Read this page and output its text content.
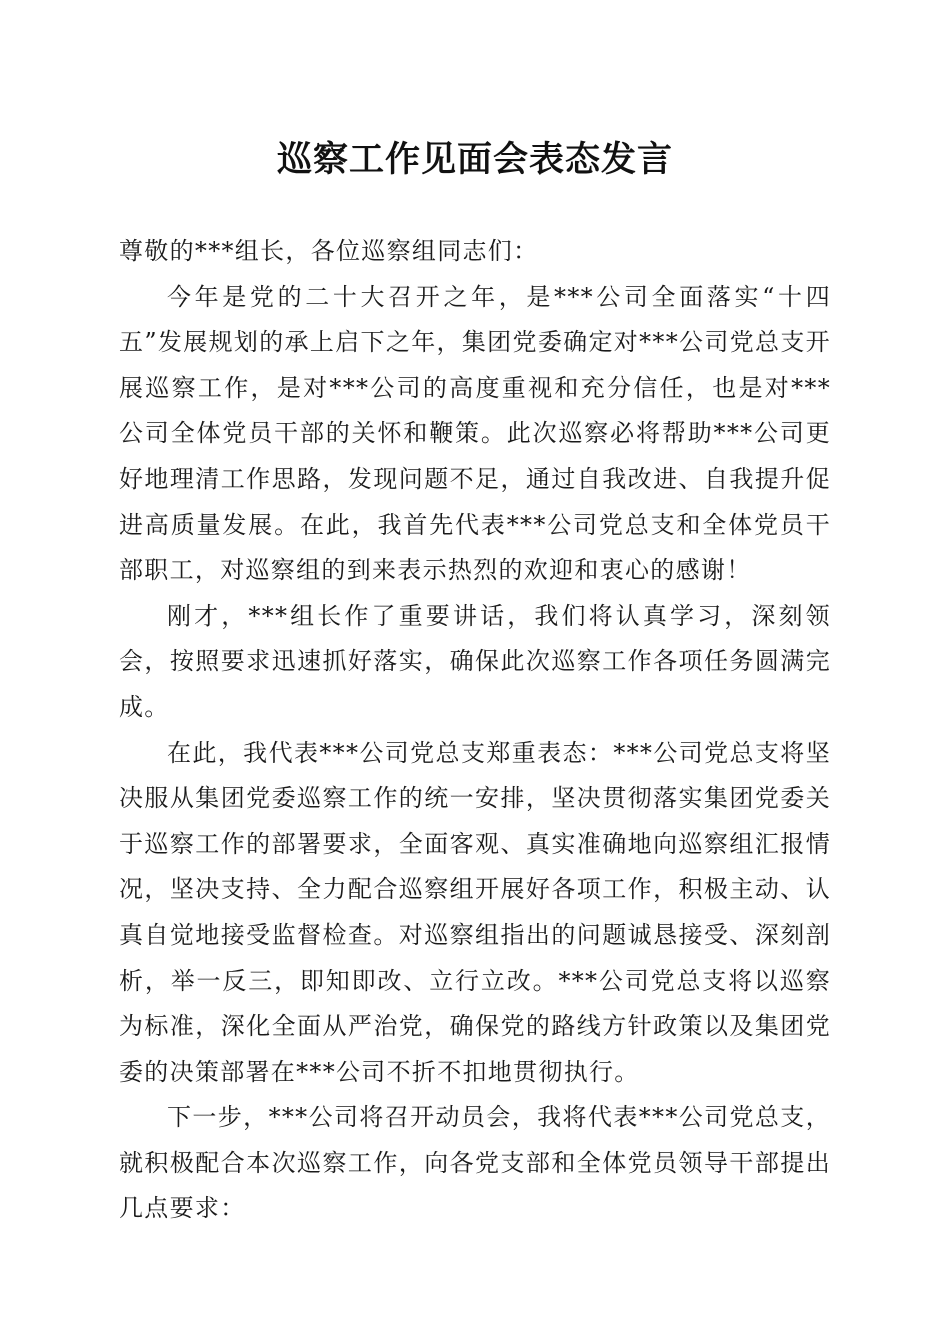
巡察工作见面会表态发言

尊敬的***组长，各位巡察组同志们：

今年是党的二十大召开之年，是***公司全面落实“十四五”发展规划的承上启下之年，集团党委确定对***公司党总支开展巡察工作，是对***公司的高度重视和充分信任，也是对***公司全体党员干部的关怀和鞭策。此次巡察必将帮助***公司更好地理清工作思路，发现问题不足，通过自我改进、自我提升促进高质量发展。在此，我首先代表***公司党总支和全体党员干部职工，对巡察组的到来表示热烈的欢迎和衷心的感谢！

刚才，***组长作了重要讲话，我们将认真学习，深刻领会，按照要求迅速抓好落实，确保此次巡察工作各项任务圆满完成。

在此，我代表***公司党总支郑重表态：***公司党总支将坚决服从集团党委巡察工作的统一安排，坚决贯彻落实集团党委关于巡察工作的部署要求，全面客观、真实准确地向巡察组汇报情况，坚决支持、全力配合巡察组开展好各项工作，积极主动、认真自觉地接受监督检查。对巡察组指出的问题诚恳接受、深刻剖析，举一反三，即知即改、立行立改。***公司党总支将以巡察为标准，深化全面从严治党，确保党的路线方针政策以及集团党委的决策部署在***公司不折不扣地贯彻执行。

下一步，***公司将召开动员会，我将代表***公司党总支，就积极配合本次巡察工作，向各党支部和全体党员领导干部提出几点要求：
